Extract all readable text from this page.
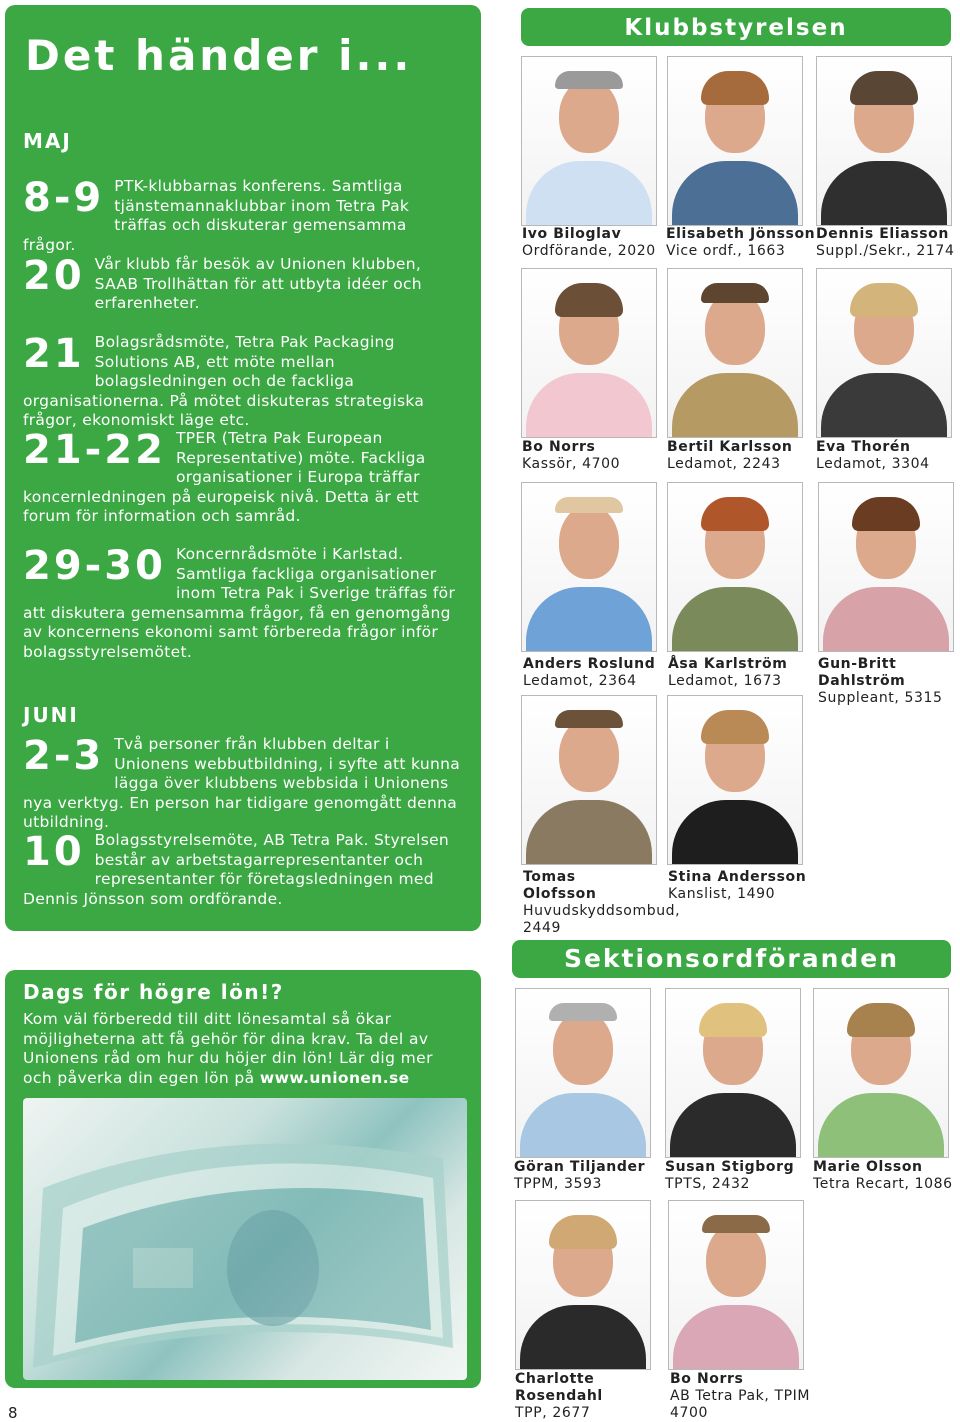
Det händer i...
MAJ
8-9 PTK-klubbarnas konferens. Samtliga tjänstemannaklubbar inom Tetra Pak träffas och diskuterar gemensamma frågor.
20 Vår klubb får besök av Unionen klubben, SAAB Trollhättan för att utbyta idéer och erfarenheter.
21 Bolagsrådsmöte, Tetra Pak Packaging Solutions AB, ett möte mellan bolagsledningen och de fackliga organisationerna. På mötet diskuteras strategiska frågor, ekonomiskt läge etc.
21-22 TPER (Tetra Pak European Representative) möte. Fackliga organisationer i Europa träffar koncernledningen på europeisk nivå. Detta är ett forum för information och samråd.
29-30 Koncernrådsmöte i Karlstad. Samtliga fackliga organisationer inom Tetra Pak i Sverige träffas för att diskutera gemensamma frågor, få en genomgång av koncernens ekonomi samt förbereda frågor inför bolagsstyrelsemötet.
JUNI
2-3 Två personer från klubben deltar i Unionens webbutbildning, i syfte att kunna lägga över klubbens webbsida i Unionens nya verktyg. En person har tidigare genomgått denna utbildning.
10 Bolagsstyrelsemöte, AB Tetra Pak. Styrelsen består av arbetstagarrepresentanter och representanter för företagsledningen med Dennis Jönsson som ordförande.
Dags för högre lön!?
Kom väl förberedd till ditt lönesamtal så ökar möjligheterna att få gehör för dina krav. Ta del av Unionens råd om hur du höjer din lön! Lär dig mer och påverka din egen lön på www.unionen.se
8
Klubbstyrelsen
Ivo Biloglav
Ordförande, 2020
Elisabeth Jönsson
Vice ordf., 1663
Dennis Eliasson
Suppl./Sekr., 2174
Bo Norrs
Kassör, 4700
Bertil Karlsson
Ledamot, 2243
Eva Thorén
Ledamot, 3304
Anders Roslund
Ledamot, 2364
Åsa Karlström
Ledamot, 1673
Gun-Britt Dahlström
Suppleant, 5315
Tomas Olofsson
Huvudskyddsombud, 2449
Stina Andersson
Kanslist, 1490
Sektionsordföranden
Göran Tiljander
TPPM, 3593
Susan Stigborg
TPTS, 2432
Marie Olsson
Tetra Recart, 1086
Charlotte Rosendahl
TPP, 2677
Bo Norrs
AB Tetra Pak, TPIM 4700
